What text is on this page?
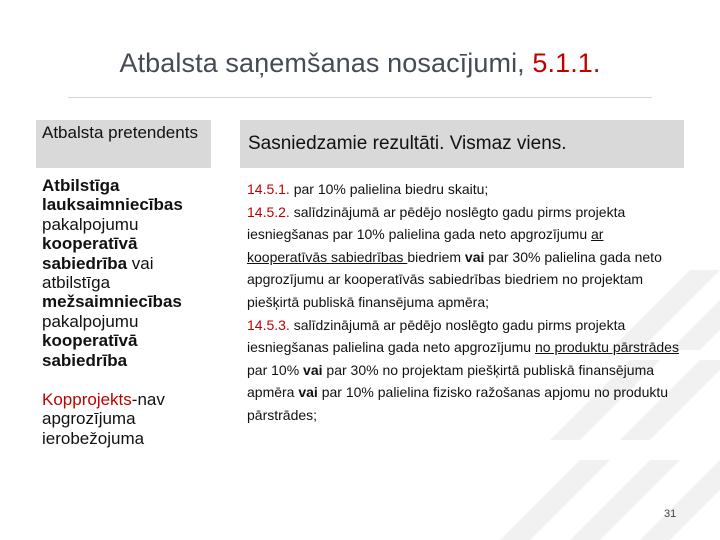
Atbalsta saņemšanas nosacījumi, 5.1.1.
Atbalsta pretendents
Sasniedzamie rezultāti. Vismaz viens.
Atbilstīga lauksaimniecības pakalpojumu kooperatīvā sabiedrība vai atbilstīga mežsaimniecības pakalpojumu kooperatīvā sabiedrība
Kopprojekts-nav apgrozījuma ierobežojuma
14.5.1. par 10% palielina biedru skaitu;
14.5.2. salīdzinājumā ar pēdējo noslēgto gadu pirms projekta iesniegšanas par 10% palielina gada neto apgrozījumu ar kooperatīvās sabiedrības biedriem vai par 30% palielina gada neto apgrozījumu ar kooperatīvās sabiedrības biedriem no projektam piešķirtā publiskā finansējuma apmēra;
14.5.3. salīdzinājumā ar pēdējo noslēgto gadu pirms projekta iesniegšanas palielina gada neto apgrozījumu no produktu pārstrādes par 10% vai par 30% no projektam piešķirtā publiskā finansējuma apmēra vai par 10% palielina fizisko ražošanas apjomu no produktu pārstrādes;
31
